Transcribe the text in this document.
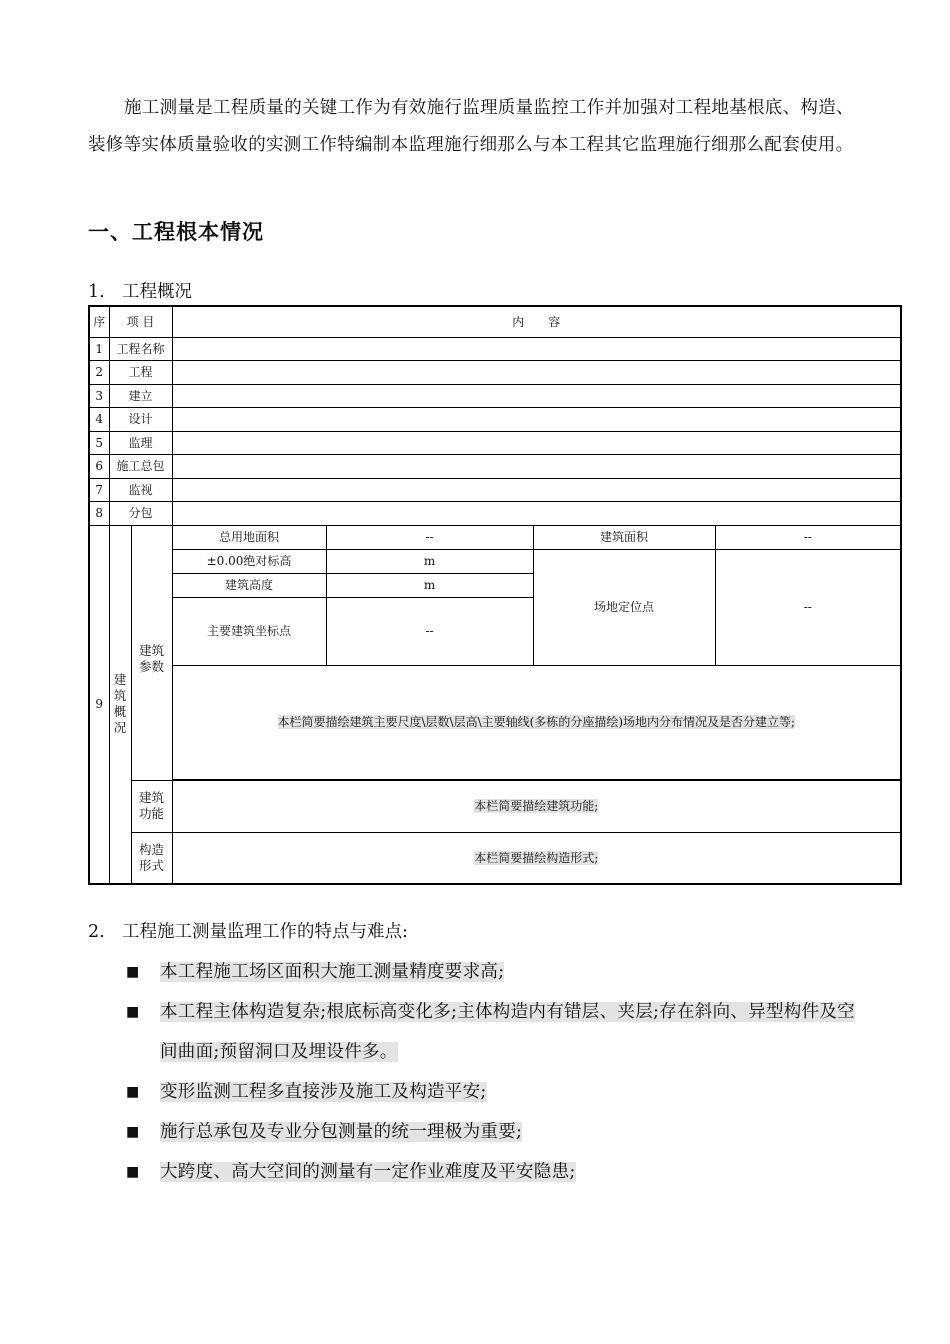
施工测量是工程质量的关键工作为有效施行监理质量监控工作并加强对工程地基根底、构造、装修等实体质量验收的实测工作特编制本监理施行细那么与本工程其它监理施行细那么配套使用。
一、工程根本情况
1. 工程概况
序	项 目		内　　容			
1	工程名称					
2	工程					
3	建立					
4	设计					
5	监理					
6	施工总包					
7	监视					
8	分包					
9	建
筑
概
况	建筑
参数	总用地面积	--	建筑面积	--
			±0.00绝对标高	m	场地定位点	--
			建筑高度	m		
			主要建筑坐标点	--		
			本栏简要描绘建筑主要尺度\层数\层高\主要轴线(多栋的分座描绘)场地内分布情况及是否分建立等;			

		建筑
功能	本栏简要描绘建筑功能;			
		构造
形式	本栏简要描绘构造形式;			
2. 工程施工测量监理工作的特点与难点:
■	本工程施工场区面积大施工测量精度要求高;
■	本工程主体构造复杂;根底标高变化多;主体构造内有错层、夹层;存在斜向、异型构件及空间曲面;预留洞口及埋设件多。
■	变形监测工程多直接涉及施工及构造平安;
■	施行总承包及专业分包测量的统一理极为重要;
■	大跨度、高大空间的测量有一定作业难度及平安隐患;
